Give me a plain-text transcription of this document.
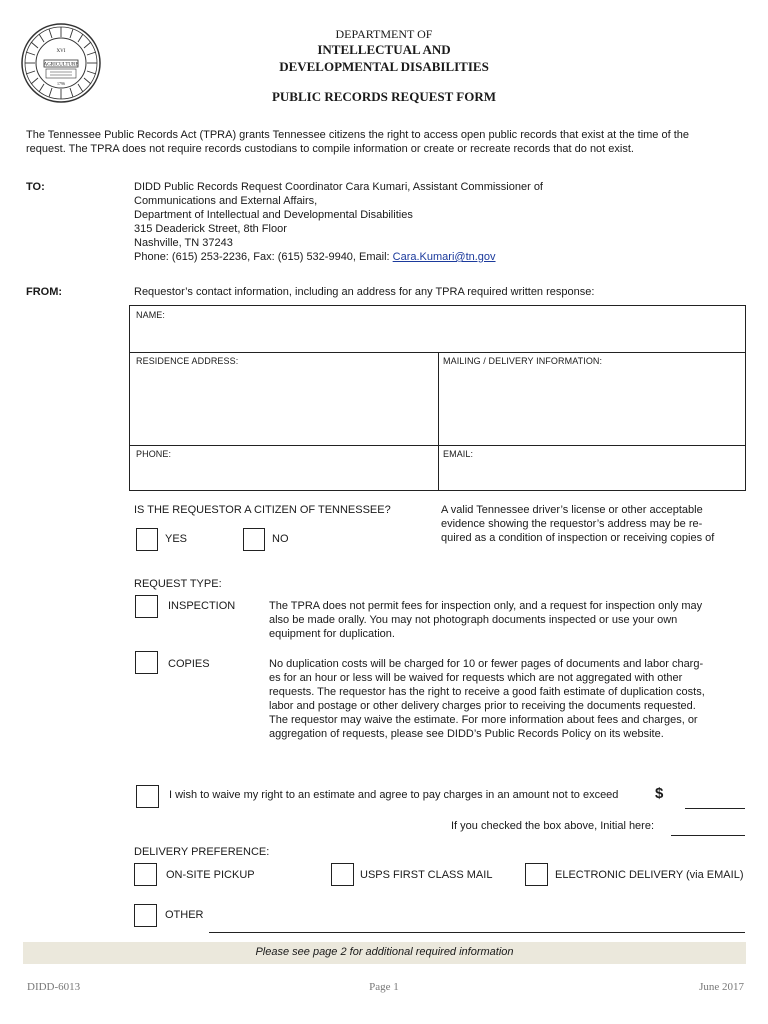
AGRICULTURE
XVI
1796
DEPARTMENT OF
INTELLECTUAL AND
DEVELOPMENTAL DISABILITIES
PUBLIC RECORDS REQUEST FORM
The Tennessee Public Records Act (TPRA) grants Tennessee citizens the right to access open public records that exist at the time of the
request. The TPRA does not require records custodians to compile information or create or recreate records that do not exist.
TO:	DIDD Public Records Request Coordinator Cara Kumari, Assistant Commissioner of
Communications and External Affairs,
Department of Intellectual and Developmental Disabilities
315 Deaderick Street, 8th Floor
Nashville, TN 37243
Phone: (615) 253-2236, Fax: (615) 532-9940, Email: Cara.Kumari@tn.gov
FROM:	Requestor’s contact information, including an address for any TPRA required written response:
NAME:
RESIDENCE ADDRESS:	MAILING / DELIVERY INFORMATION:
PHONE:	EMAIL:
IS THE REQUESTOR A CITIZEN OF TENNESSEE?
YES	NO
A valid Tennessee driver’s license or other acceptable
evidence showing the requestor’s address may be re-
quired as a condition of inspection or receiving copies of
REQUEST TYPE:
INSPECTION	The TPRA does not permit fees for inspection only, and a request for inspection only may
also be made orally. You may not photograph documents inspected or use your own
equipment for duplication.
COPIES	No duplication costs will be charged for 10 or fewer pages of documents and labor charg-
es for an hour or less will be waived for requests which are not aggregated with other
requests. The requestor has the right to receive a good faith estimate of duplication costs,
labor and postage or other delivery charges prior to receiving the documents requested.
The requestor may waive the estimate. For more information about fees and charges, or
aggregation of requests, please see DIDD’s Public Records Policy on its website.
I wish to waive my right to an estimate and agree to pay charges in an amount not to exceed	$
If you checked the box above, Initial here:
DELIVERY PREFERENCE:
ON-SITE PICKUP	USPS FIRST CLASS MAIL	ELECTRONIC DELIVERY (via EMAIL)
OTHER
Please see page 2 for additional required information
DIDD-6013	Page 1	June 2017
